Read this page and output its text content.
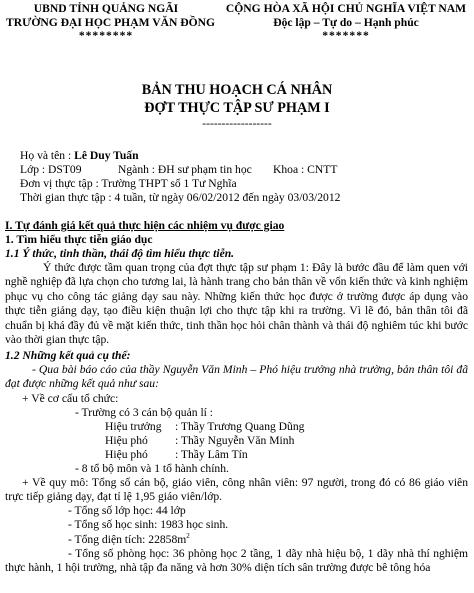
UBND TỈNH QUẢNG NGÃI
TRƯỜNG ĐẠI HỌC PHẠM VĂN ĐỒNG
********
CỘNG HÒA XÃ HỘI CHỦ NGHĨA VIỆT NAM
Độc lập – Tự do – Hạnh phúc
*******
BẢN THU HOẠCH CÁ NHÂN
ĐỢT THỰC TẬP SƯ PHẠM I
------------------
Họ và tên : Lê Duy Tuấn
Lớp : DST09	Ngành : ĐH sư phạm tin học Khoa : CNTT
Đơn vị thực tập : Trường THPT số 1 Tư Nghĩa
Thời gian thực tập : 4 tuần, từ ngày 06/02/2012 đến ngày 03/03/2012
I. Tự đánh giá kết quả thực hiện các nhiệm vụ được giao
1. Tìm hiểu thực tiễn giáo dục
1.1 Ý thức, tinh thần, thái độ tìm hiểu thực tiễn.
Ý thức được tầm quan trọng của đợt thực tập sư phạm 1: Đây là bước đầu để làm quen với nghề nghiệp đã lựa chọn cho tương lai, là hành trang cho bản thân về vốn kiến thức và kinh nghiệm phục vụ cho công tác giảng dạy sau này. Những kiến thức học được ở trường được áp dụng vào thực tiễn giảng dạy, tạo điều kiện thuận lợi cho thực tập khi ra trường. Vì lẽ đó, bản thân tôi đã chuẩn bị khá đầy đủ về mặt kiến thức, tinh thần học hỏi chân thành và thái độ nghiêm túc khi bước vào thời gian thực tập.
1.2 Những kết quả cụ thể:
- Qua bài báo cáo của thầy Nguyễn Văn Minh – Phó hiệu trưởng nhà trường, bản thân tôi đã đạt được những kết quả như sau:
+ Về cơ cấu tổ chức:
- Trường có 3 cán bộ quản lí :
Hiệu trưởng : Thầy Trương Quang Dũng
Hiệu phó : Thầy Nguyễn Văn Minh
Hiệu phó : Thầy Lâm Tín
- 8 tổ bộ môn và 1 tổ hành chính.
+ Về quy mô: Tổng số cán bộ, giáo viên, công nhân viên: 97 người, trong đó có 86 giáo viên trực tiếp giảng dạy, đạt tỉ lệ 1,95 giáo viên/lớp.
- Tổng số lớp học: 44 lớp
- Tổng số học sinh: 1983 học sinh.
- Tổng diện tích: $22858m^2$
- Tổng số phòng học: 36 phòng học 2 tầng, 1 dãy nhà hiệu bộ, 1 dãy nhà thí nghiệm thực hành, 1 hội trường, nhà tập đa năng và hơn 30% diện tích sân trường được bê tông hóa
